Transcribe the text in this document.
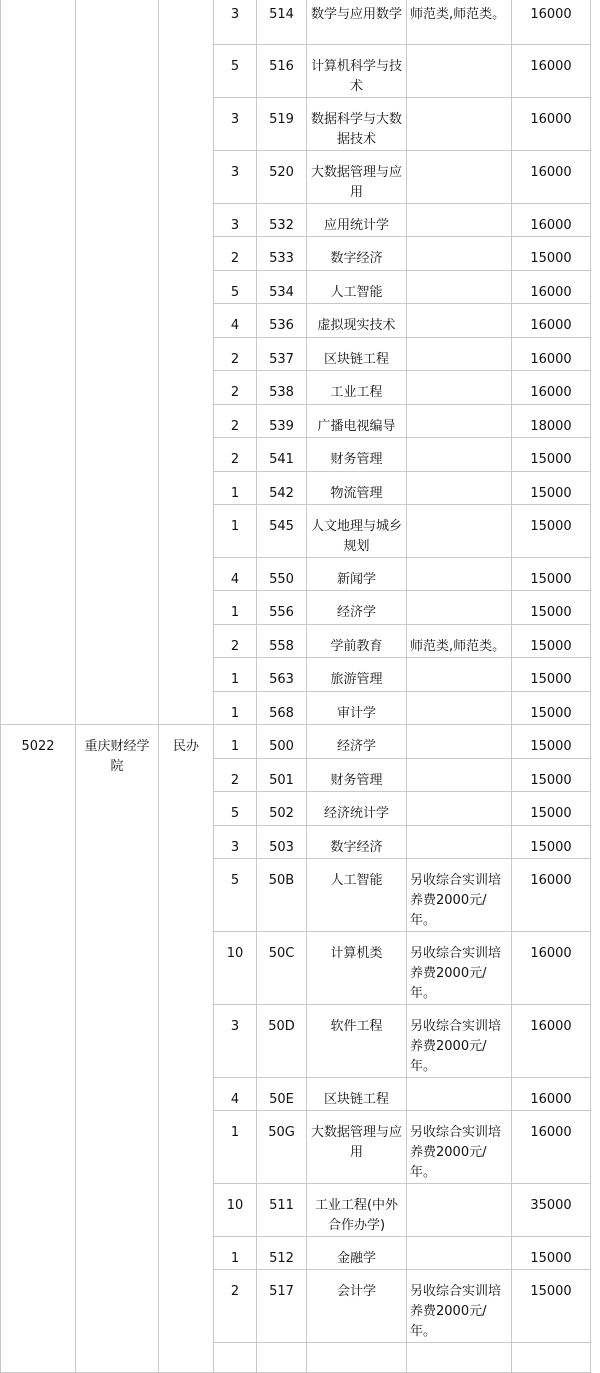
			3	514	数学与应用数学	师范类,师范类。	16000
			5	516	计算机科学与技术		16000
			3	519	数据科学与大数据技术		16000
			3	520	大数据管理与应用		16000
			3	532	应用统计学		16000
			2	533	数字经济		15000
			5	534	人工智能		16000
			4	536	虚拟现实技术		16000
			2	537	区块链工程		16000
			2	538	工业工程		16000
			2	539	广播电视编导		18000
			2	541	财务管理		15000
			1	542	物流管理		15000
			1	545	人文地理与城乡规划		15000
			4	550	新闻学		15000
			1	556	经济学		15000
			2	558	学前教育	师范类,师范类。	15000
			1	563	旅游管理		15000
			1	568	审计学		15000
5022	重庆财经学院	民办	1	500	经济学		15000
			2	501	财务管理		15000
			5	502	经济统计学		15000
			3	503	数字经济		15000
			5	50B	人工智能	另收综合实训培养费2000元/年。	16000
			10	50C	计算机类	另收综合实训培养费2000元/年。	16000
			3	50D	软件工程	另收综合实训培养费2000元/年。	16000
			4	50E	区块链工程		16000
			1	50G	大数据管理与应用	另收综合实训培养费2000元/年。	16000
			10	511	工业工程(中外合作办学)		35000
			1	512	金融学		15000
			2	517	会计学	另收综合实训培养费2000元/年。	15000
